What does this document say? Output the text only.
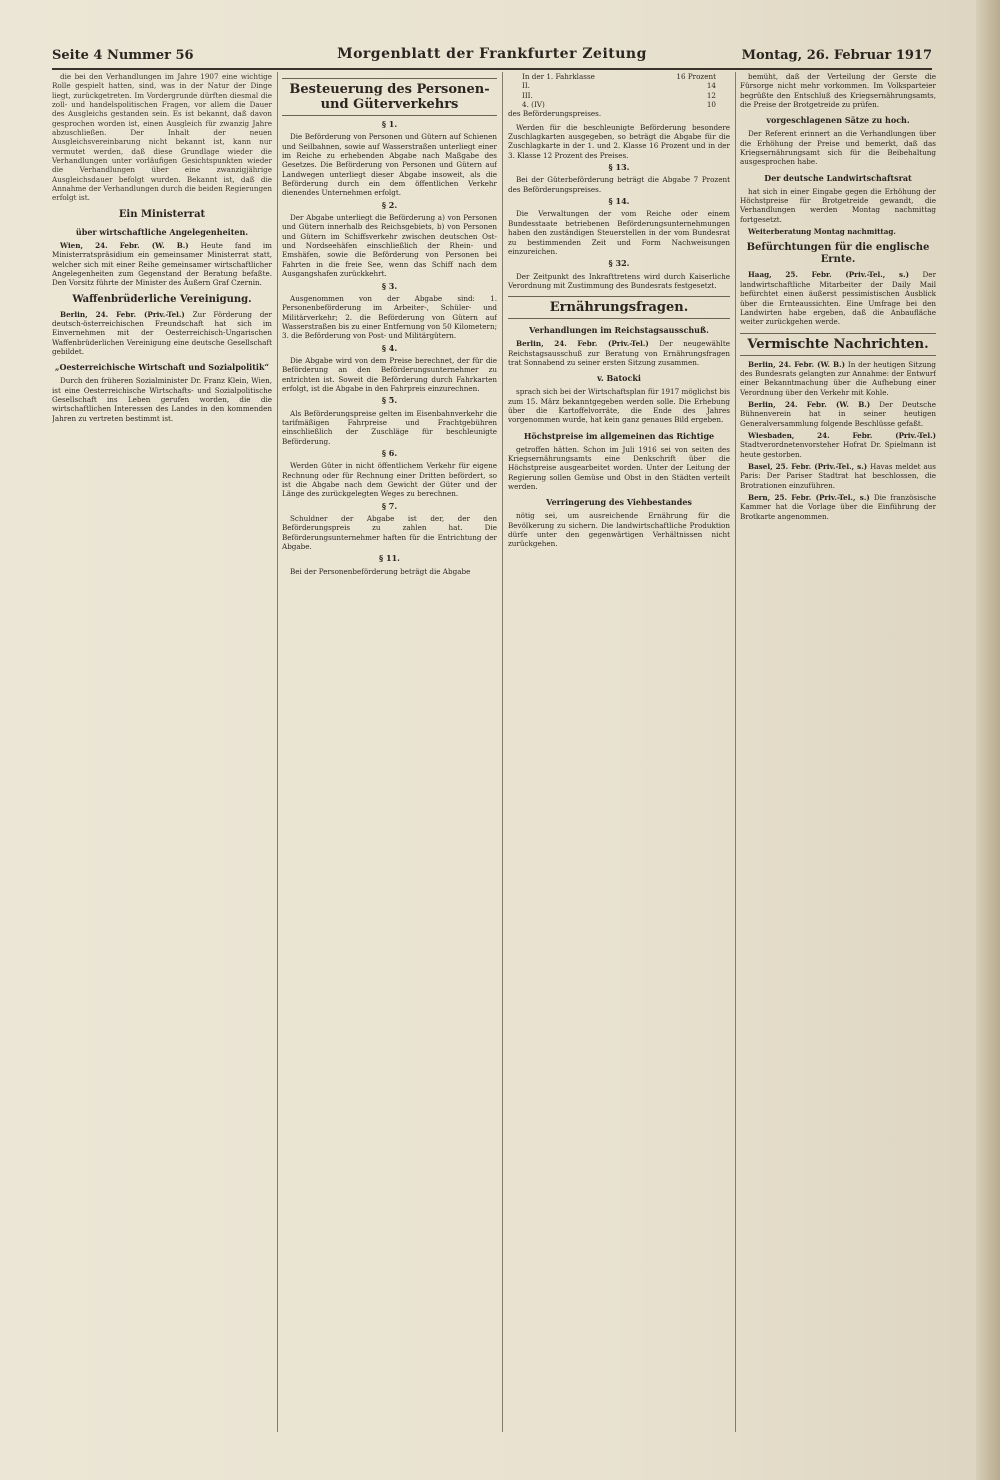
Seite 4 Nummer 56	Morgenblatt der Frankfurter Zeitung	Montag, 26. Februar 1917

die bei den Verhandlungen im Jahre 1907 eine wichtige Rolle gespielt hatten, sind, was in der Natur der Dinge liegt, zurückgetreten. Im Vordergrunde dürften diesmal die zoll- und handelspolitischen Fragen, vor allem die Dauer des Ausgleichs gestanden sein. Es ist bekannt, daß davon gesprochen worden ist, einen Ausgleich für zwanzig Jahre abzuschließen. Der Inhalt der neuen Ausgleichsvereinbarung nicht bekannt ist, kann nur vermutet werden, daß diese Grundlage wieder die Verhandlungen unter vorläufigen Gesichtspunkten wieder die Verhandlungen über eine zwanzigjährige Ausgleichsdauer befolgt wurden. Bekannt ist, daß die Annahme der Verhandlungen durch die beiden Regierungen erfolgt ist.

Ein Ministerrat
über wirtschaftliche Angelegenheiten.

Wien, 24. Febr. (W. B.) Heute fand im Ministerratspräsidium ein gemeinsamer Ministerrat statt, welcher sich mit einer Reihe gemeinsamer wirtschaftlicher Angelegenheiten zum Gegenstand der Beratung befaßte. Den Vorsitz führte der Minister des Äußern Graf Czernin.

Waffenbrüderliche Vereinigung.

Berlin, 24. Febr. (Priv.-Tel.) Zur Förderung der deutsch-österreichischen Freundschaft hat sich im Einvernehmen mit der Oesterreichisch-Ungarischen Waffenbrüderlichen Vereinigung eine deutsche Gesellschaft gebildet.

„Oesterreichische Wirtschaft und Sozialpolitik“

Durch den früheren Sozialminister Dr. Franz Klein, Wien, ist eine Oesterreichische Wirtschafts- und Sozialpolitische Gesellschaft ins Leben gerufen worden, die die wirtschaftlichen Interessen des Landes in den kommenden Jahren zu vertreten bestimmt ist.

Besteuerung des Personen- und Güterverkehrs
§ 1.

Die Beförderung von Personen und Gütern auf Schienen und Seilbahnen, sowie auf Wasserstraßen unterliegt einer im Reiche zu erhebenden Abgabe nach Maßgabe des Gesetzes. Die Beförderung von Personen und Gütern auf Landwegen unterliegt dieser Abgabe insoweit, als die Beförderung durch ein dem öffentlichen Verkehr dienendes Unternehmen erfolgt.

§ 2.

Der Abgabe unterliegt die Beförderung a) von Personen und Gütern innerhalb des Reichsgebiets, b) von Personen und Gütern im Schiffsverkehr zwischen deutschen Ost- und Nordseehäfen einschließlich der Rhein- und Emshäfen, sowie die Beförderung von Personen bei Fahrten in die freie See, wenn das Schiff nach dem Ausgangshafen zurückkehrt.

§ 3.

Ausgenommen von der Abgabe sind: 1. Personenbeförderung im Arbeiter-, Schüler- und Militärverkehr; 2. die Beförderung von Gütern auf Wasserstraßen bis zu einer Entfernung von 50 Kilometern; 3. die Beförderung von Post- und Militärgütern.

§ 4.

Die Abgabe wird von dem Preise berechnet, der für die Beförderung an den Beförderungsunternehmer zu entrichten ist. Soweit die Beförderung durch Fahrkarten erfolgt, ist die Abgabe in den Fahrpreis einzurechnen.

§ 5.

Als Beförderungspreise gelten im Eisenbahnverkehr die tarifmäßigen Fahrpreise und Frachtgebühren einschließlich der Zuschläge für beschleunigte Beförderung.

§ 6.

Werden Güter in nicht öffentlichem Verkehr für eigene Rechnung oder für Rechnung einer Dritten befördert, so ist die Abgabe nach dem Gewicht der Güter und der Länge des zurückgelegten Weges zu berechnen.

§ 7.

Schuldner der Abgabe ist der, der den Beförderungspreis zu zahlen hat. Die Beförderungsunternehmer haften für die Entrichtung der Abgabe.

§ 11.

Bei der Personenbeförderung beträgt die Abgabe

In der 1. Fahrklasse	16 Prozent
II.	14
III.	12
4. (IV)	10
des Beförderungspreises.

Werden für die beschleunigte Beförderung besondere Zuschlagkarten ausgegeben, so beträgt die Abgabe für die Zuschlagkarte in der 1. und 2. Klasse 16 Prozent und in der 3. Klasse 12 Prozent des Preises.

§ 13.

Bei der Güterbeförderung beträgt die Abgabe 7 Prozent des Beförderungspreises.

§ 14.

Die Verwaltungen der vom Reiche oder einem Bundesstaate betriebenen Beförderungsunternehmungen haben den zuständigen Steuerstellen in der vom Bundesrat zu bestimmenden Zeit und Form Nachweisungen einzureichen.

§ 32.

Der Zeitpunkt des Inkrafttretens wird durch Kaiserliche Verordnung mit Zustimmung des Bundesrats festgesetzt.

Ernährungsfragen.
Verhandlungen im Reichstagsausschuß.

Berlin, 24. Febr. (Priv.-Tel.) Der neugewählte Reichstagsausschuß zur Beratung von Ernährungsfragen trat Sonnabend zu seiner ersten Sitzung zusammen.

v. Batocki

sprach sich bei der Wirtschaftsplan für 1917 möglichst bis zum 15. März bekanntgegeben werden solle. Die Erhebung über die Kartoffelvorräte, die Ende des Jahres vorgenommen wurde, hat kein ganz genaues Bild ergeben.

Höchstpreise im allgemeinen das Richtige

getroffen hätten. Schon im Juli 1916 sei von seiten des Kriegsernährungsamts eine Denkschrift über die Höchstpreise ausgearbeitet worden. Unter der Leitung der Regierung sollen Gemüse und Obst in den Städten verteilt werden.

Verringerung des Viehbestandes

nötig sei, um ausreichende Ernährung für die Bevölkerung zu sichern. Die landwirtschaftliche Produktion dürfe unter den gegenwärtigen Verhältnissen nicht zurückgehen.

bemüht, daß der Verteilung der Gerste die Fürsorge nicht mehr vorkommen. Im Volksparteier begrüßte den Entschluß des Kriegsernährungsamts, die Preise der Brotgetreide zu prüfen.

vorgeschlagenen Sätze zu hoch.

Der Referent erinnert an die Verhandlungen über die Erhöhung der Preise und bemerkt, daß das Kriegsernährungsamt sich für die Beibehaltung ausgesprochen habe.

Der deutsche Landwirtschaftsrat

hat sich in einer Eingabe gegen die Erhöhung der Höchstpreise für Brotgetreide gewandt, die Verhandlungen werden Montag nachmittag fortgesetzt.

Weiterberatung Montag nachmittag.

Befürchtungen für die englische Ernte.

Haag, 25. Febr. (Priv.-Tel., s.) Der landwirtschaftliche Mitarbeiter der Daily Mail befürchtet einen äußerst pessimistischen Ausblick über die Ernteaussichten. Eine Umfrage bei den Landwirten habe ergeben, daß die Anbaufläche weiter zurückgehen werde.

Vermischte Nachrichten.

Berlin, 24. Febr. (W. B.) In der heutigen Sitzung des Bundesrats gelangten zur Annahme: der Entwurf einer Bekanntmachung über die Aufhebung einer Verordnung über den Verkehr mit Kohle.

Berlin, 24. Febr. (W. B.) Der Deutsche Bühnenverein hat in seiner heutigen Generalversammlung folgende Beschlüsse gefaßt.

Wiesbaden, 24. Febr. (Priv.-Tel.) Stadtverordnetenvorsteher Hofrat Dr. Spielmann ist heute gestorben.

Basel, 25. Febr. (Priv.-Tel., s.) Havas meldet aus Paris: Der Pariser Stadtrat hat beschlossen, die Brotrationen einzuführen.

Bern, 25. Febr. (Priv.-Tel., s.) Die französische Kammer hat die Vorlage über die Einführung der Brotkarte angenommen.
